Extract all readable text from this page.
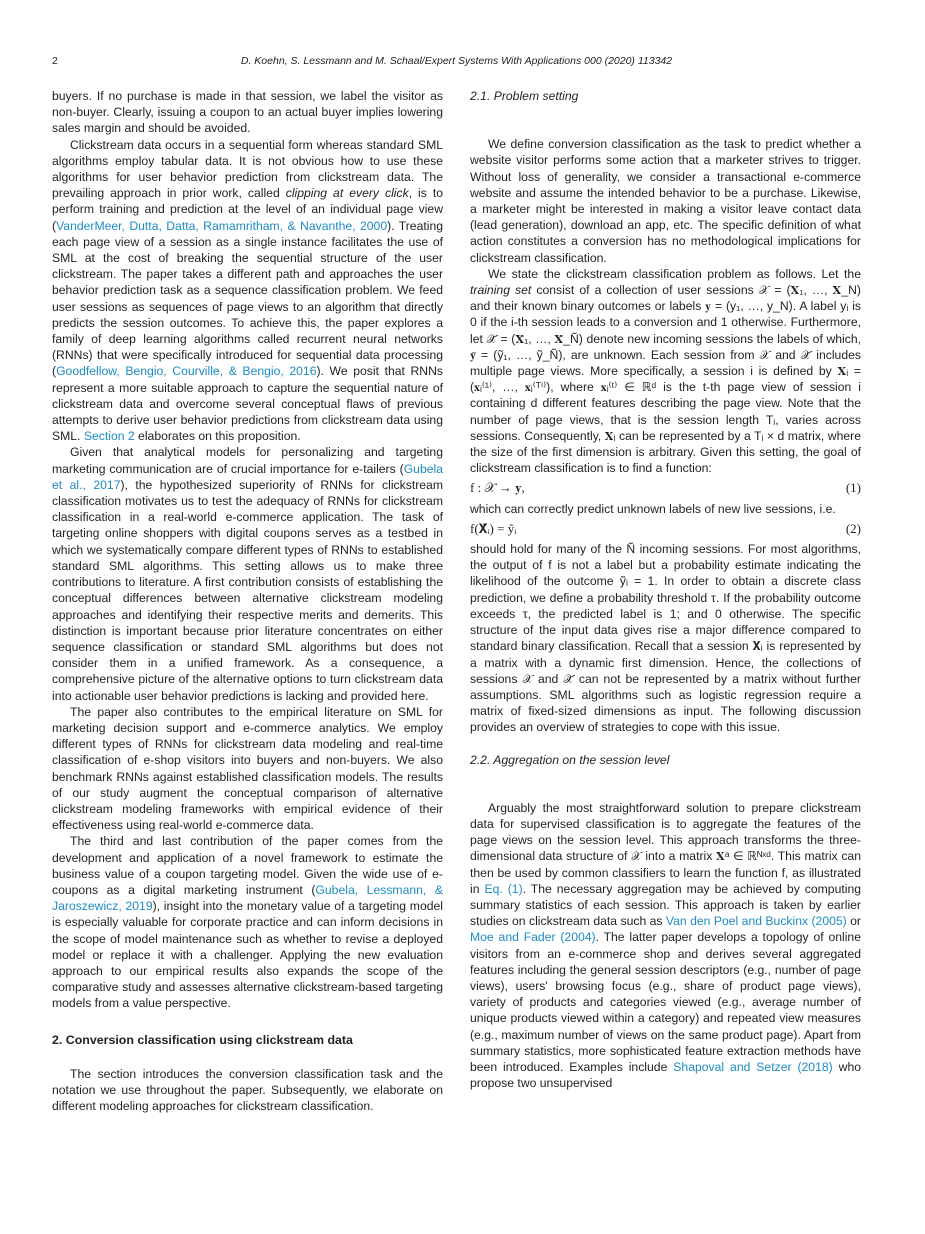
2	D. Koehn, S. Lessmann and M. Schaal/Expert Systems With Applications 000 (2020) 113342

buyers. If no purchase is made in that session, we label the visitor as non-buyer. Clearly, issuing a coupon to an actual buyer implies lowering sales margin and should be avoided.

Clickstream data occurs in a sequential form whereas standard SML algorithms employ tabular data. It is not obvious how to use these algorithms for user behavior prediction from clickstream data. The prevailing approach in prior work, called clipping at every click, is to perform training and prediction at the level of an individual page view (VanderMeer, Dutta, Datta, Ramamritham, & Navanthe, 2000). Treating each page view of a session as a single instance facilitates the use of SML at the cost of breaking the sequential structure of the user clickstream. The paper takes a different path and approaches the user behavior prediction task as a sequence classification problem. We feed user sessions as sequences of page views to an algorithm that directly predicts the session outcomes. To achieve this, the paper explores a family of deep learning algorithms called recurrent neural networks (RNNs) that were specifically introduced for sequential data processing (Goodfellow, Bengio, Courville, & Bengio, 2016). We posit that RNNs represent a more suitable approach to capture the sequential nature of clickstream data and overcome several conceptual flaws of previous attempts to derive user behavior predictions from clickstream data using SML. Section 2 elaborates on this proposition.

Given that analytical models for personalizing and targeting marketing communication are of crucial importance for e-tailers (Gubela et al., 2017), the hypothesized superiority of RNNs for clickstream classification motivates us to test the adequacy of RNNs for clickstream classification in a real-world e-commerce application. The task of targeting online shoppers with digital coupons serves as a testbed in which we systematically compare different types of RNNs to established standard SML algorithms. This setting allows us to make three contributions to literature. A first contribution consists of establishing the conceptual differences between alternative clickstream modeling approaches and identifying their respective merits and demerits. This distinction is important because prior literature concentrates on either sequence classification or standard SML algorithms but does not consider them in a unified framework. As a consequence, a comprehensive picture of the alternative options to turn clickstream data into actionable user behavior predictions is lacking and provided here.

The paper also contributes to the empirical literature on SML for marketing decision support and e-commerce analytics. We employ different types of RNNs for clickstream data modeling and real-time classification of e-shop visitors into buyers and non-buyers. We also benchmark RNNs against established classification models. The results of our study augment the conceptual comparison of alternative clickstream modeling frameworks with empirical evidence of their effectiveness using real-world e-commerce data.

The third and last contribution of the paper comes from the development and application of a novel framework to estimate the business value of a coupon targeting model. Given the wide use of e-coupons as a digital marketing instrument (Gubela, Lessmann, & Jaroszewicz, 2019), insight into the monetary value of a targeting model is especially valuable for corporate practice and can inform decisions in the scope of model maintenance such as whether to revise a deployed model or replace it with a challenger. Applying the new evaluation approach to our empirical results also expands the scope of the comparative study and assesses alternative clickstream-based targeting models from a value perspective.

2. Conversion classification using clickstream data

The section introduces the conversion classification task and the notation we use throughout the paper. Subsequently, we elaborate on different modeling approaches for clickstream classification.

2.1. Problem setting

We define conversion classification as the task to predict whether a website visitor performs some action that a marketer strives to trigger. Without loss of generality, we consider a transactional e-commerce website and assume the intended behavior to be a purchase. Likewise, a marketer might be interested in making a visitor leave contact data (lead generation), download an app, etc. The specific definition of what action constitutes a conversion has no methodological implications for clickstream classification.

We state the clickstream classification problem as follows. Let the training set consist of a collection of user sessions 𝒳 = (𝐗₁, …, 𝐗_N) and their known binary outcomes or labels 𝐲 = (y₁, …, y_N). A label yᵢ is 0 if the i-th session leads to a conversion and 1 otherwise. Furthermore, let 𝒳̃ = (𝐗̃₁, …, 𝐗̃_Ñ) denote new incoming sessions the labels of which, 𝐲̃ = (ỹ₁, …, ỹ_Ñ), are unknown. Each session from 𝒳 and 𝒳̃ includes multiple page views. More specifically, a session i is defined by 𝐗ᵢ = (𝐱ᵢ⁽¹⁾, …, 𝐱ᵢ⁽ᵀⁱ⁾), where 𝐱ᵢ⁽ᵗ⁾ ∈ ℝᵈ is the t-th page view of session i containing d different features describing the page view. Note that the number of page views, that is the session length Tᵢ, varies across sessions. Consequently, 𝐗ᵢ can be represented by a Tᵢ × d matrix, where the size of the first dimension is arbitrary. Given this setting, the goal of clickstream classification is to find a function:

f : 𝒳 → 𝐲,	(1)

which can correctly predict unknown labels of new live sessions, i.e.

f(𝐗̃ᵢ) = ỹᵢ	(2)

should hold for many of the Ñ incoming sessions. For most algorithms, the output of f is not a label but a probability estimate indicating the likelihood of the outcome ỹᵢ = 1. In order to obtain a discrete class prediction, we define a probability threshold τ. If the probability outcome exceeds τ, the predicted label is 1; and 0 otherwise. The specific structure of the input data gives rise a major difference compared to standard binary classification. Recall that a session 𝐗ᵢ is represented by a matrix with a dynamic first dimension. Hence, the collections of sessions 𝒳 and 𝒳̃ can not be represented by a matrix without further assumptions. SML algorithms such as logistic regression require a matrix of fixed-sized dimensions as input. The following discussion provides an overview of strategies to cope with this issue.

2.2. Aggregation on the session level

Arguably the most straightforward solution to prepare clickstream data for supervised classification is to aggregate the features of the page views on the session level. This approach transforms the three-dimensional data structure of 𝒳 into a matrix 𝐗ᵃ ∈ ℝᴺˣᵈ. This matrix can then be used by common classifiers to learn the function f, as illustrated in Eq. (1). The necessary aggregation may be achieved by computing summary statistics of each session. This approach is taken by earlier studies on clickstream data such as Van den Poel and Buckinx (2005) or Moe and Fader (2004). The latter paper develops a topology of online visitors from an e-commerce shop and derives several aggregated features including the general session descriptors (e.g., number of page views), users' browsing focus (e.g., share of product page views), variety of products and categories viewed (e.g., average number of unique products viewed within a category) and repeated view measures (e.g., maximum number of views on the same product page). Apart from summary statistics, more sophisticated feature extraction methods have been introduced. Examples include Shapoval and Setzer (2018) who propose two unsupervised
